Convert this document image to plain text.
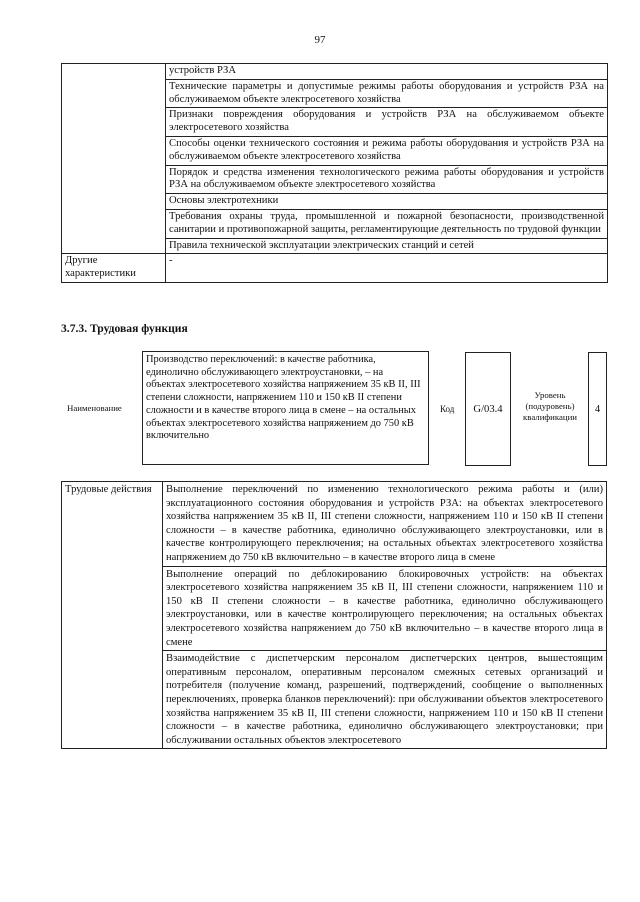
97
	устройств РЗА
	Технические параметры и допустимые режимы работы оборудования и устройств РЗА на обслуживаемом объекте электросетевого хозяйства
	Признаки повреждения оборудования и устройств РЗА на обслуживаемом объекте электросетевого хозяйства
	Способы оценки технического состояния и режима работы оборудования и устройств РЗА на обслуживаемом объекте электросетевого хозяйства
	Порядок и средства изменения технологического режима работы оборудования и устройств РЗА на обслуживаемом объекте электросетевого хозяйства
	Основы электротехники
	Требования охраны труда, промышленной и пожарной безопасности, производственной санитарии и противопожарной защиты, регламентирующие деятельность по трудовой функции
	Правила технической эксплуатации электрических станций и сетей
Другие характеристики	-
3.7.3. Трудовая функция
Наименование
Производство переключений: в качестве работника, единолично обслуживающего электроустановки, – на объектах электросетевого хозяйства напряжением 35 кВ II, III степени сложности, напряжением 110 и 150 кВ II степени сложности и в качестве второго лица в смене – на остальных объектах электросетевого хозяйства напряжением до 750 кВ включительно
Код G/03.4
Уровень (подуровень) квалификации
4
Трудовые действия	Выполнение переключений по изменению технологического режима работы и (или) эксплуатационного состояния оборудования и устройств РЗА: на объектах электросетевого хозяйства напряжением 35 кВ II, III степени сложности, напряжением 110 и 150 кВ II степени сложности – в качестве работника, единолично обслуживающего электроустановки, или в качестве контролирующего переключения; на остальных объектах электросетевого хозяйства напряжением до 750 кВ включительно – в качестве второго лица в смене
Выполнение операций по деблокированию блокировочных устройств: на объектах электросетевого хозяйства напряжением 35 кВ II, III степени сложности, напряжением 110 и 150 кВ II степени сложности – в качестве работника, единолично обслуживающего электроустановки, или в качестве контролирующего переключения; на остальных объектах электросетевого хозяйства напряжением до 750 кВ включительно – в качестве второго лица в смене
Взаимодействие с диспетчерским персоналом диспетчерских центров, вышестоящим оперативным персоналом, оперативным персоналом смежных сетевых организаций и потребителя (получение команд, разрешений, подтверждений, сообщение о выполненных переключениях, проверка бланков переключений): при обслуживании объектов электросетевого хозяйства напряжением 35 кВ II, III степени сложности, напряжением 110 и 150 кВ II степени сложности – в качестве работника, единолично обслуживающего электроустановки; при обслуживании остальных объектов электросетевого
